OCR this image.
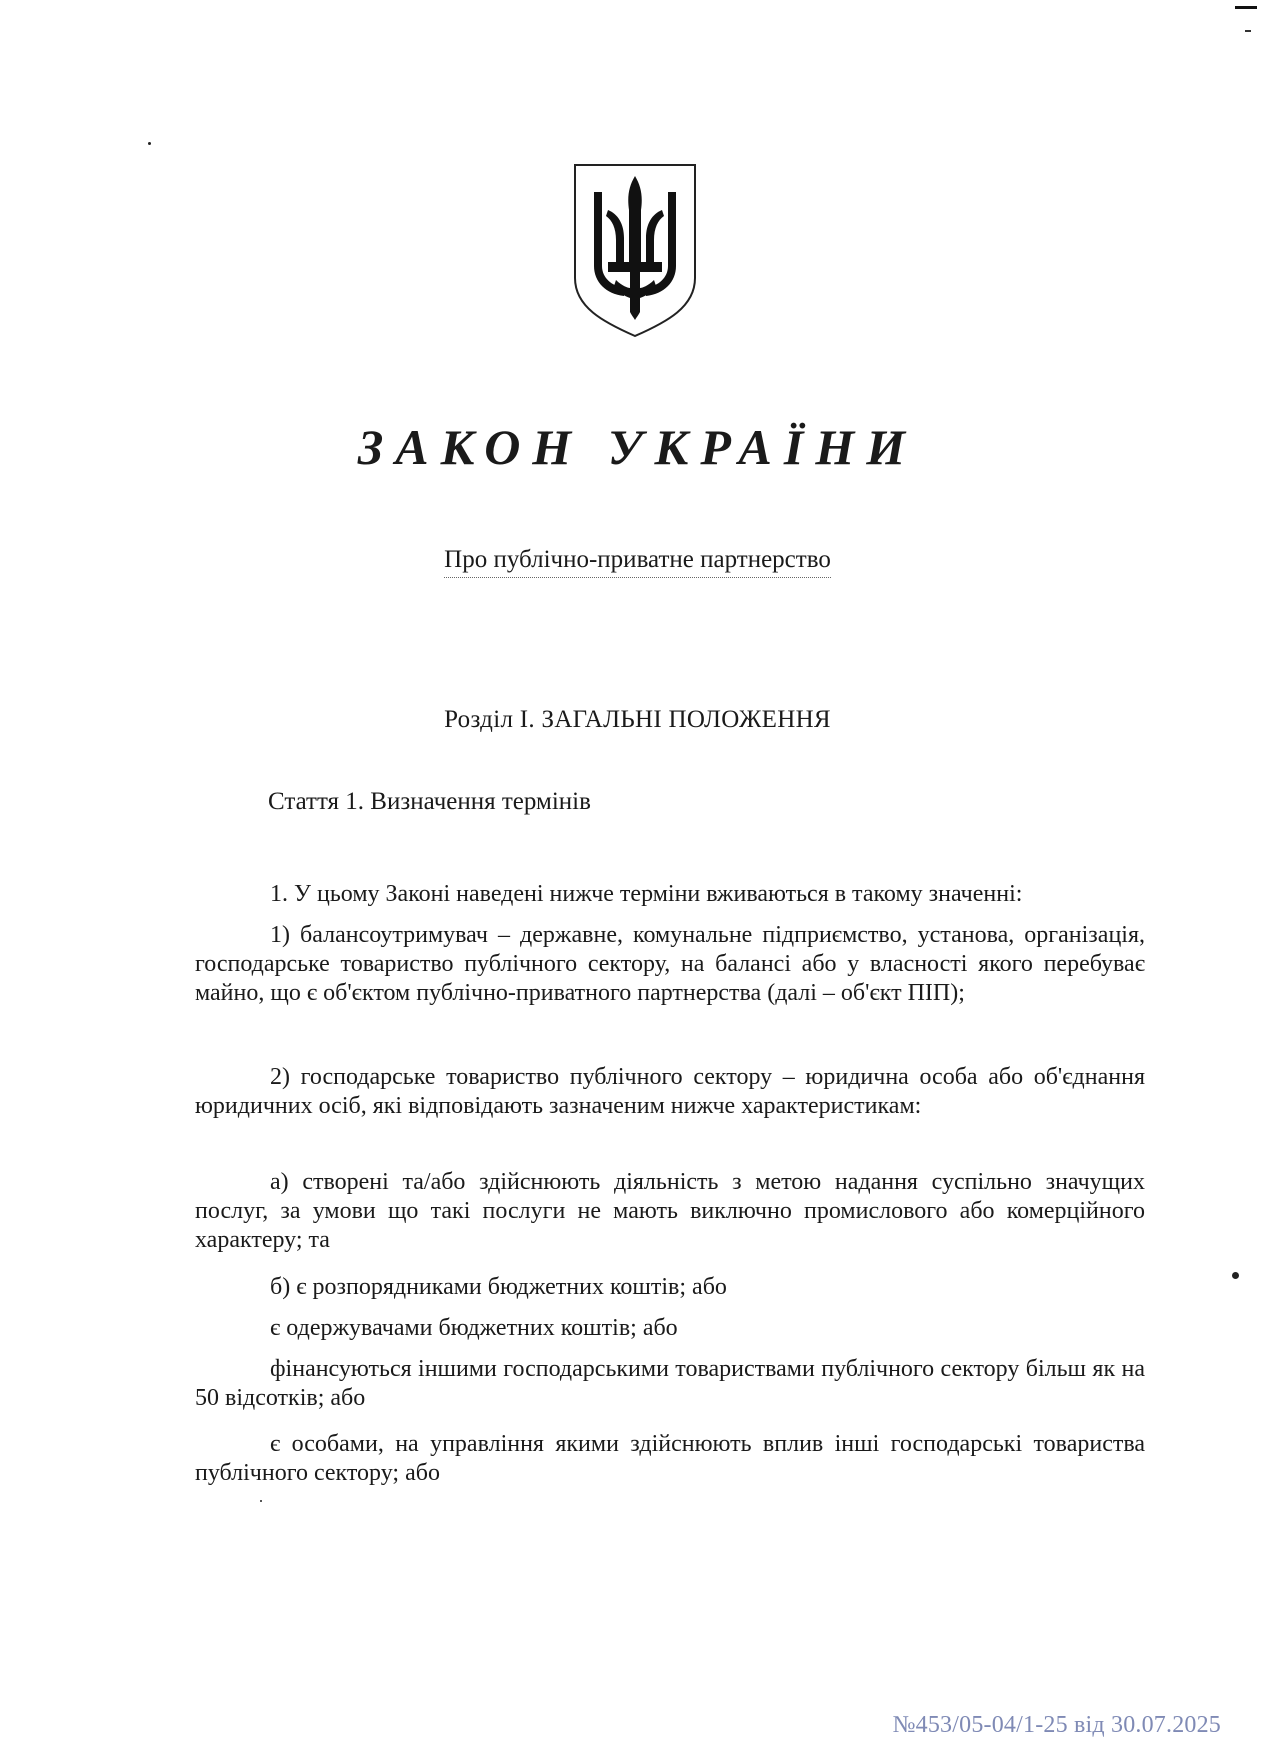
ЗАКОН УКРАЇНИ
Про публічно-приватне партнерство
Розділ I. ЗАГАЛЬНІ ПОЛОЖЕННЯ
Стаття 1. Визначення термінів
1. У цьому Законі наведені нижче терміни вживаються в такому значенні:
1) балансоутримувач – державне, комунальне підприємство, установа, організація, господарське товариство публічного сектору, на балансі або у власності якого перебуває майно, що є об'єктом публічно-приватного партнерства (далі – об'єкт ПІП);
2) господарське товариство публічного сектору – юридична особа або об'єднання юридичних осіб, які відповідають зазначеним нижче характеристикам:
а) створені та/або здійснюють діяльність з метою надання суспільно значущих послуг, за умови що такі послуги не мають виключно промислового або комерційного характеру; та
б) є розпорядниками бюджетних коштів; або
є одержувачами бюджетних коштів; або
фінансуються іншими господарськими товариствами публічного сектору більш як на 50 відсотків; або
є особами, на управління якими здійснюють вплив інші господарські товариства публічного сектору; або
№453/05-04/1-25 від 30.07.2025
